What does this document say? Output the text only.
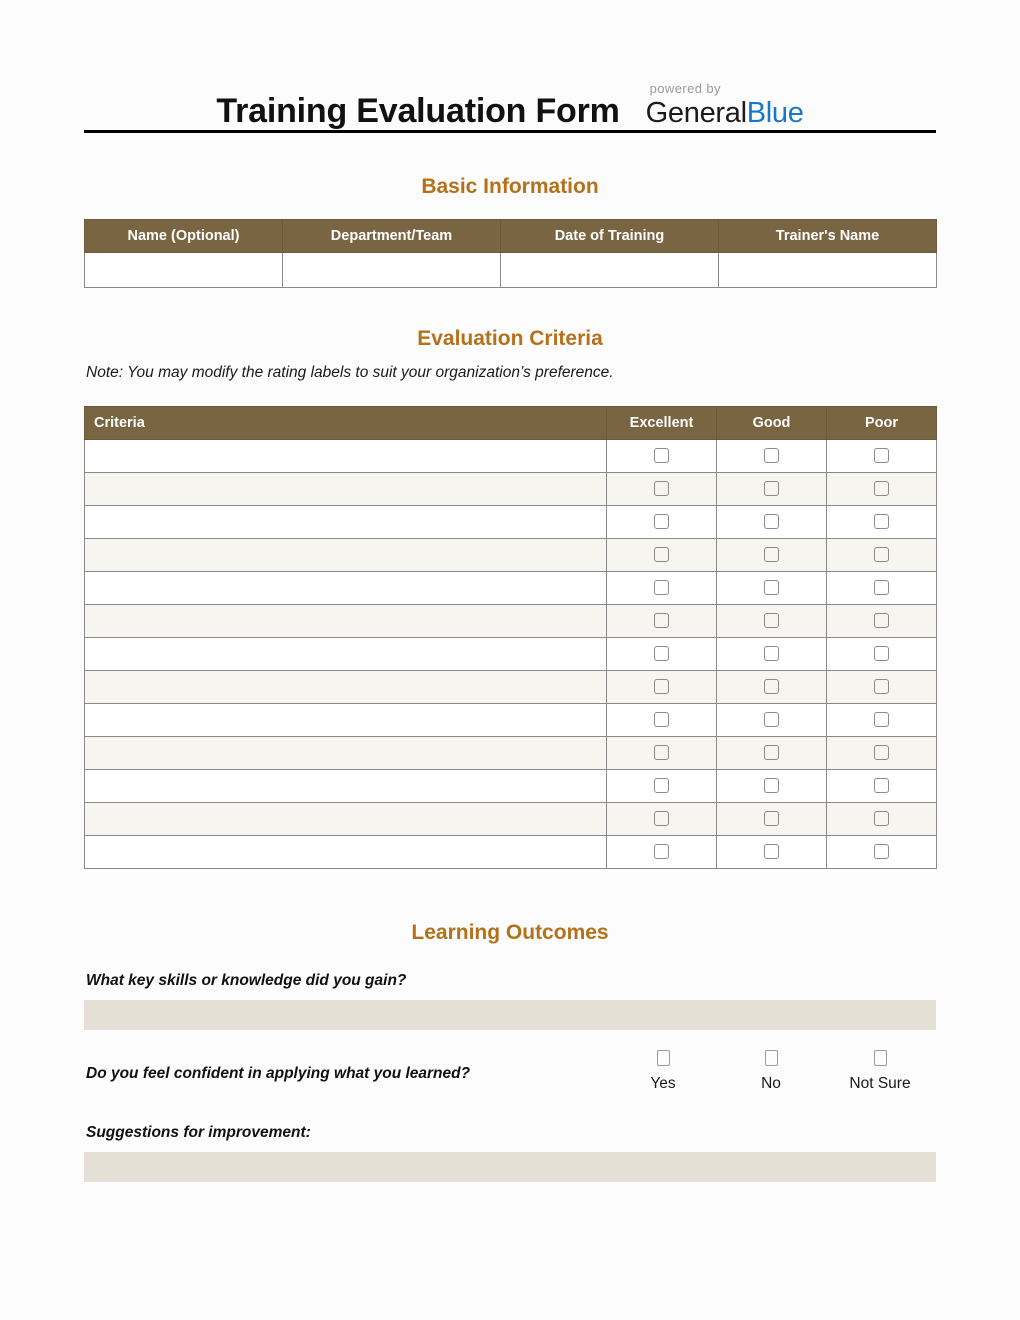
Training Evaluation Form
powered by
GeneralBlue
Basic Information
Name (Optional)	Department/Team	Date of Training	Trainer's Name

Evaluation Criteria
Note: You may modify the rating labels to suit your organization’s preference.
Criteria	Excellent	Good	Poor

Learning Outcomes
What key skills or knowledge did you gain?
Do you feel confident in applying what you learned?
Yes	No	Not Sure
Suggestions for improvement:
